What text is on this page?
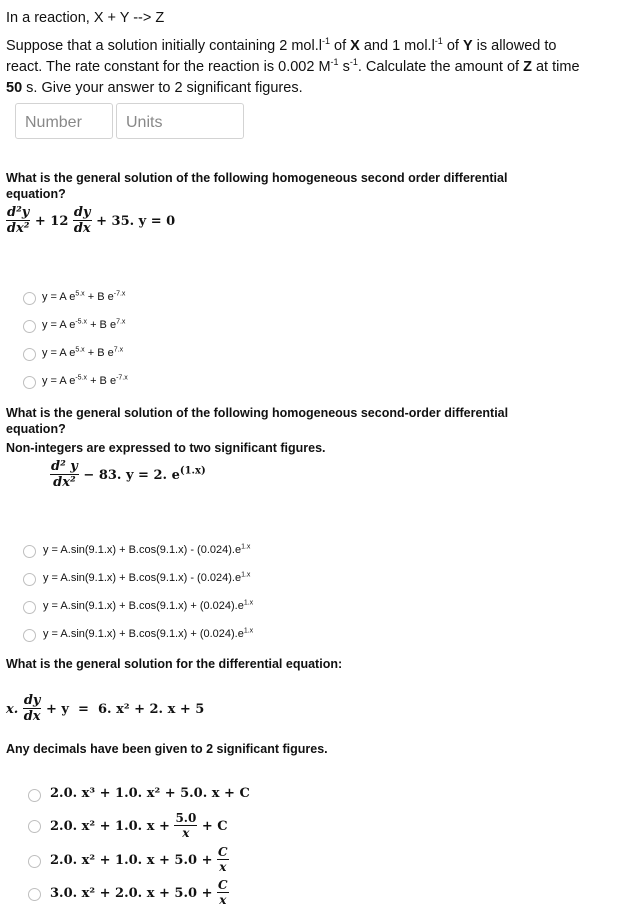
In a reaction, X + Y --> Z
Suppose that a solution initially containing 2 $mol.l^{-1}$ of X and 1 $mol.l^{-1}$ of Y is allowed to
react. The rate constant for the reaction is 0.002 $M^{-1}$ $s^{-1}$. Calculate the amount of Z at time
50 s. Give your answer to 2 significant figures.
Number	Units
What is the general solution of the following homogeneous second order differential
equation?
$\frac{\text{d²y}}{\text{dx²}} + 12 \frac{dy}{dx} + 35$. y = 0
y = A $e^{5.x} + B$ $e^{-7.x}$
y = A $e^{-5.x} + B$ $e^{7.x}$
y = A $e^{5.x} + B$ $e^{7.x}$
y = A $e^{-5.x} + B$ $e^{-7.x}$
What is the general solution of the following homogeneous second-order differential
equation?
Non-integers are expressed to two significant figures.
$\frac{\text{d² y}}{\text{dx²}} - 83$. y = 2. $e^{(1.x)}$
$y = A.\sin(9.1.x) + B.\cos(9.1.x) - (0.024).e^{1.x}$
$y = A.\sin(9.1.x) + B.\cos(9.1.x) - (0.024).e^{1.x}$
$y = A.\sin(9.1.x) + B.\cos(9.1.x) + (0.024).e^{1.x}$
$y = A.\sin(9.1.x) + B.\cos(9.1.x) + (0.024).e^{1.x}$
What is the general solution for the differential equation:
x. $\frac{dy}{dx} + y = 6$. x² + 2. x + 5
Any decimals have been given to 2 significant figures.
2.0. x³ + 1.0. x² + 5.0. x + C
2.0. x² + 1.0. $x + \frac{5.0}{x} + C$
2.0. x² + 1.0. $x + 5.0 + \frac{C}{x}$
3.0. x² + 2.0. $x + 5.0 + \frac{C}{x}$
